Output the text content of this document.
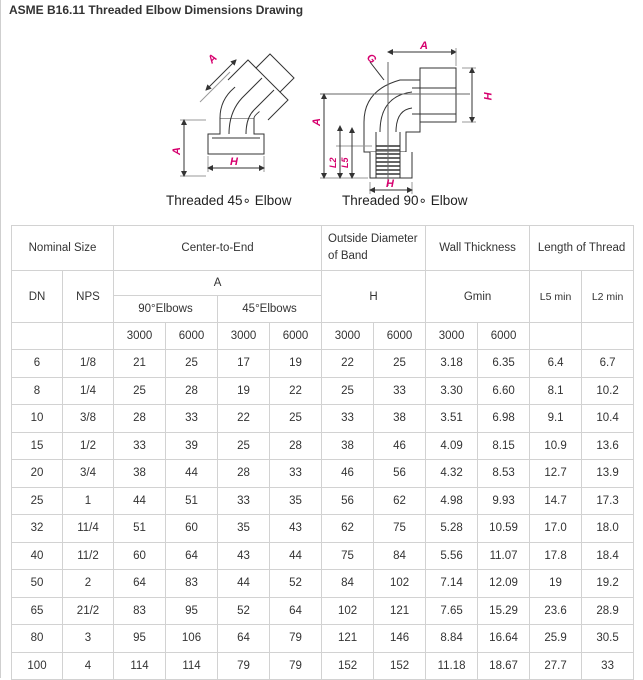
ASME B16.11 Threaded Elbow Dimensions Drawing
A
A
H
G
A
H
A
L2 L5
H
Threaded 45∘ Elbow	Threaded 90∘ Elbow
Nominal Size		Center-to-End				Outside Diameter of Band		Wall Thickness		Length of Thread	
DN	NPS	A				H		Gmin		L5 min	L2 min
		90°Elbows		45°Elbows							
		3000	6000	3000	6000	3000	6000	3000	6000		
6	1/8	21	25	17	19	22	25	3.18	6.35	6.4	6.7
8	1/4	25	28	19	22	25	33	3.30	6.60	8.1	10.2
10	3/8	28	33	22	25	33	38	3.51	6.98	9.1	10.4
15	1/2	33	39	25	28	38	46	4.09	8.15	10.9	13.6
20	3/4	38	44	28	33	46	56	4.32	8.53	12.7	13.9
25	1	44	51	33	35	56	62	4.98	9.93	14.7	17.3
32	11/4	51	60	35	43	62	75	5.28	10.59	17.0	18.0
40	11/2	60	64	43	44	75	84	5.56	11.07	17.8	18.4
50	2	64	83	44	52	84	102	7.14	12.09	19	19.2
65	21/2	83	95	52	64	102	121	7.65	15.29	23.6	28.9
80	3	95	106	64	79	121	146	8.84	16.64	25.9	30.5
100	4	114	114	79	79	152	152	11.18	18.67	27.7	33
